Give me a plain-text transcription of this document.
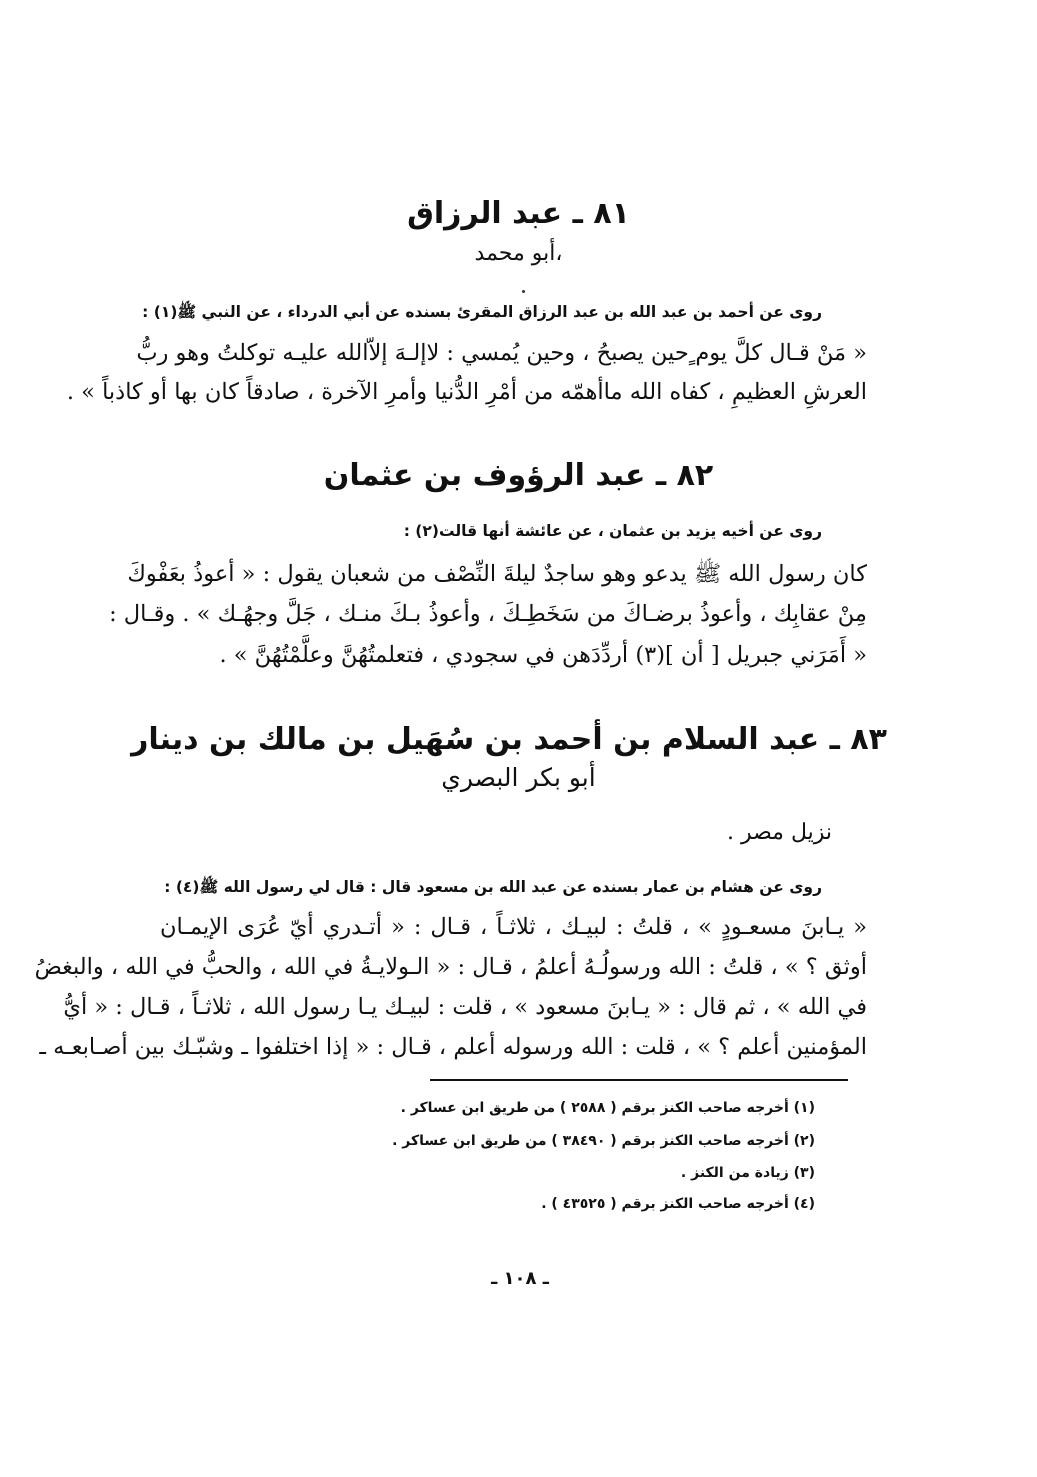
٨١ ـ عبد الرزاق
،أبو محمد
روى عن أحمد بن عبد الله بن عبد الرزاق المقرئ بسنده عن أبي الدرداء ، عن النبي ﷺ(١) :
« مَنْ قـال كلَّ يوم ٍحين يصبحُ ، وحين يُمسي : لاإلـهَ إلاّالله عليـه توكلتُ وهو ربُّ
العرشِ العظيمِ ، كفاه الله ماأهمّه من أمْرِ الدُّنيا وأمرِ الآخرة ، صادقاً كان بها أو كاذباً » .
٨٢ ـ عبد الرؤوف بن عثمان
روى عن أخيه يزيد بن عثمان ، عن عائشة أنها قالت(٢) :
كان رسول الله ﷺ يدعو وهو ساجدٌ ليلةَ النِّصْف من شعبان يقول : « أعوذُ بعَفْوكَ
مِنْ عقابِك ، وأعوذُ برضـاكَ من سَخَطِـكَ ، وأعوذُ بـكَ منـك ، جَلَّ وجهُـك » . وقـال :
« أَمَرَني جبريل [ أن ](٣) أردِّدَهن في سجودي ، فتعلمتُهُنَّ وعلَّمْتُهُنَّ » .
٨٣ ـ عبد السلام بن أحمد بن سُهَيل بن مالك بن دينار
أبو بكر البصري
نزيل مصر .
روى عن هشام بن عمار بسنده عن عبد الله بن مسعود قال : قال لي رسول الله ﷺ(٤) :
« يـابنَ مسعـودٍ » ، قلتُ : لبيـك ، ثلاثـاً ، قـال : « أتـدري أيّ عُرَى الإيمـان
أوثق ؟ » ، قلتُ : الله ورسولُـهُ أعلمُ ، قـال : « الـولايـةُ في الله ، والحبُّ في الله ، والبغضُ
في الله » ، ثم قال : « يـابنَ مسعود » ، قلت : لبيـك يـا رسول الله ، ثلاثـاً ، قـال : « أيُّ
المؤمنين أعلم ؟ » ، قلت : الله ورسوله أعلم ، قـال : « إذا اختلفوا ـ وشبّـك بين أصـابعـه ـ
(١) أخرجه صاحب الكنز برقم ( ٢٥٨٨ ) من طريق ابن عساكر .
(٢) أخرجه صاحب الكنز برقم ( ٣٨٤٩٠ ) من طريق ابن عساكر .
(٣) زيادة من الكنز .
(٤) أخرجه صاحب الكنز برقم ( ٤٣٥٢٥ ) .
ـ ١٠٨ ـ
